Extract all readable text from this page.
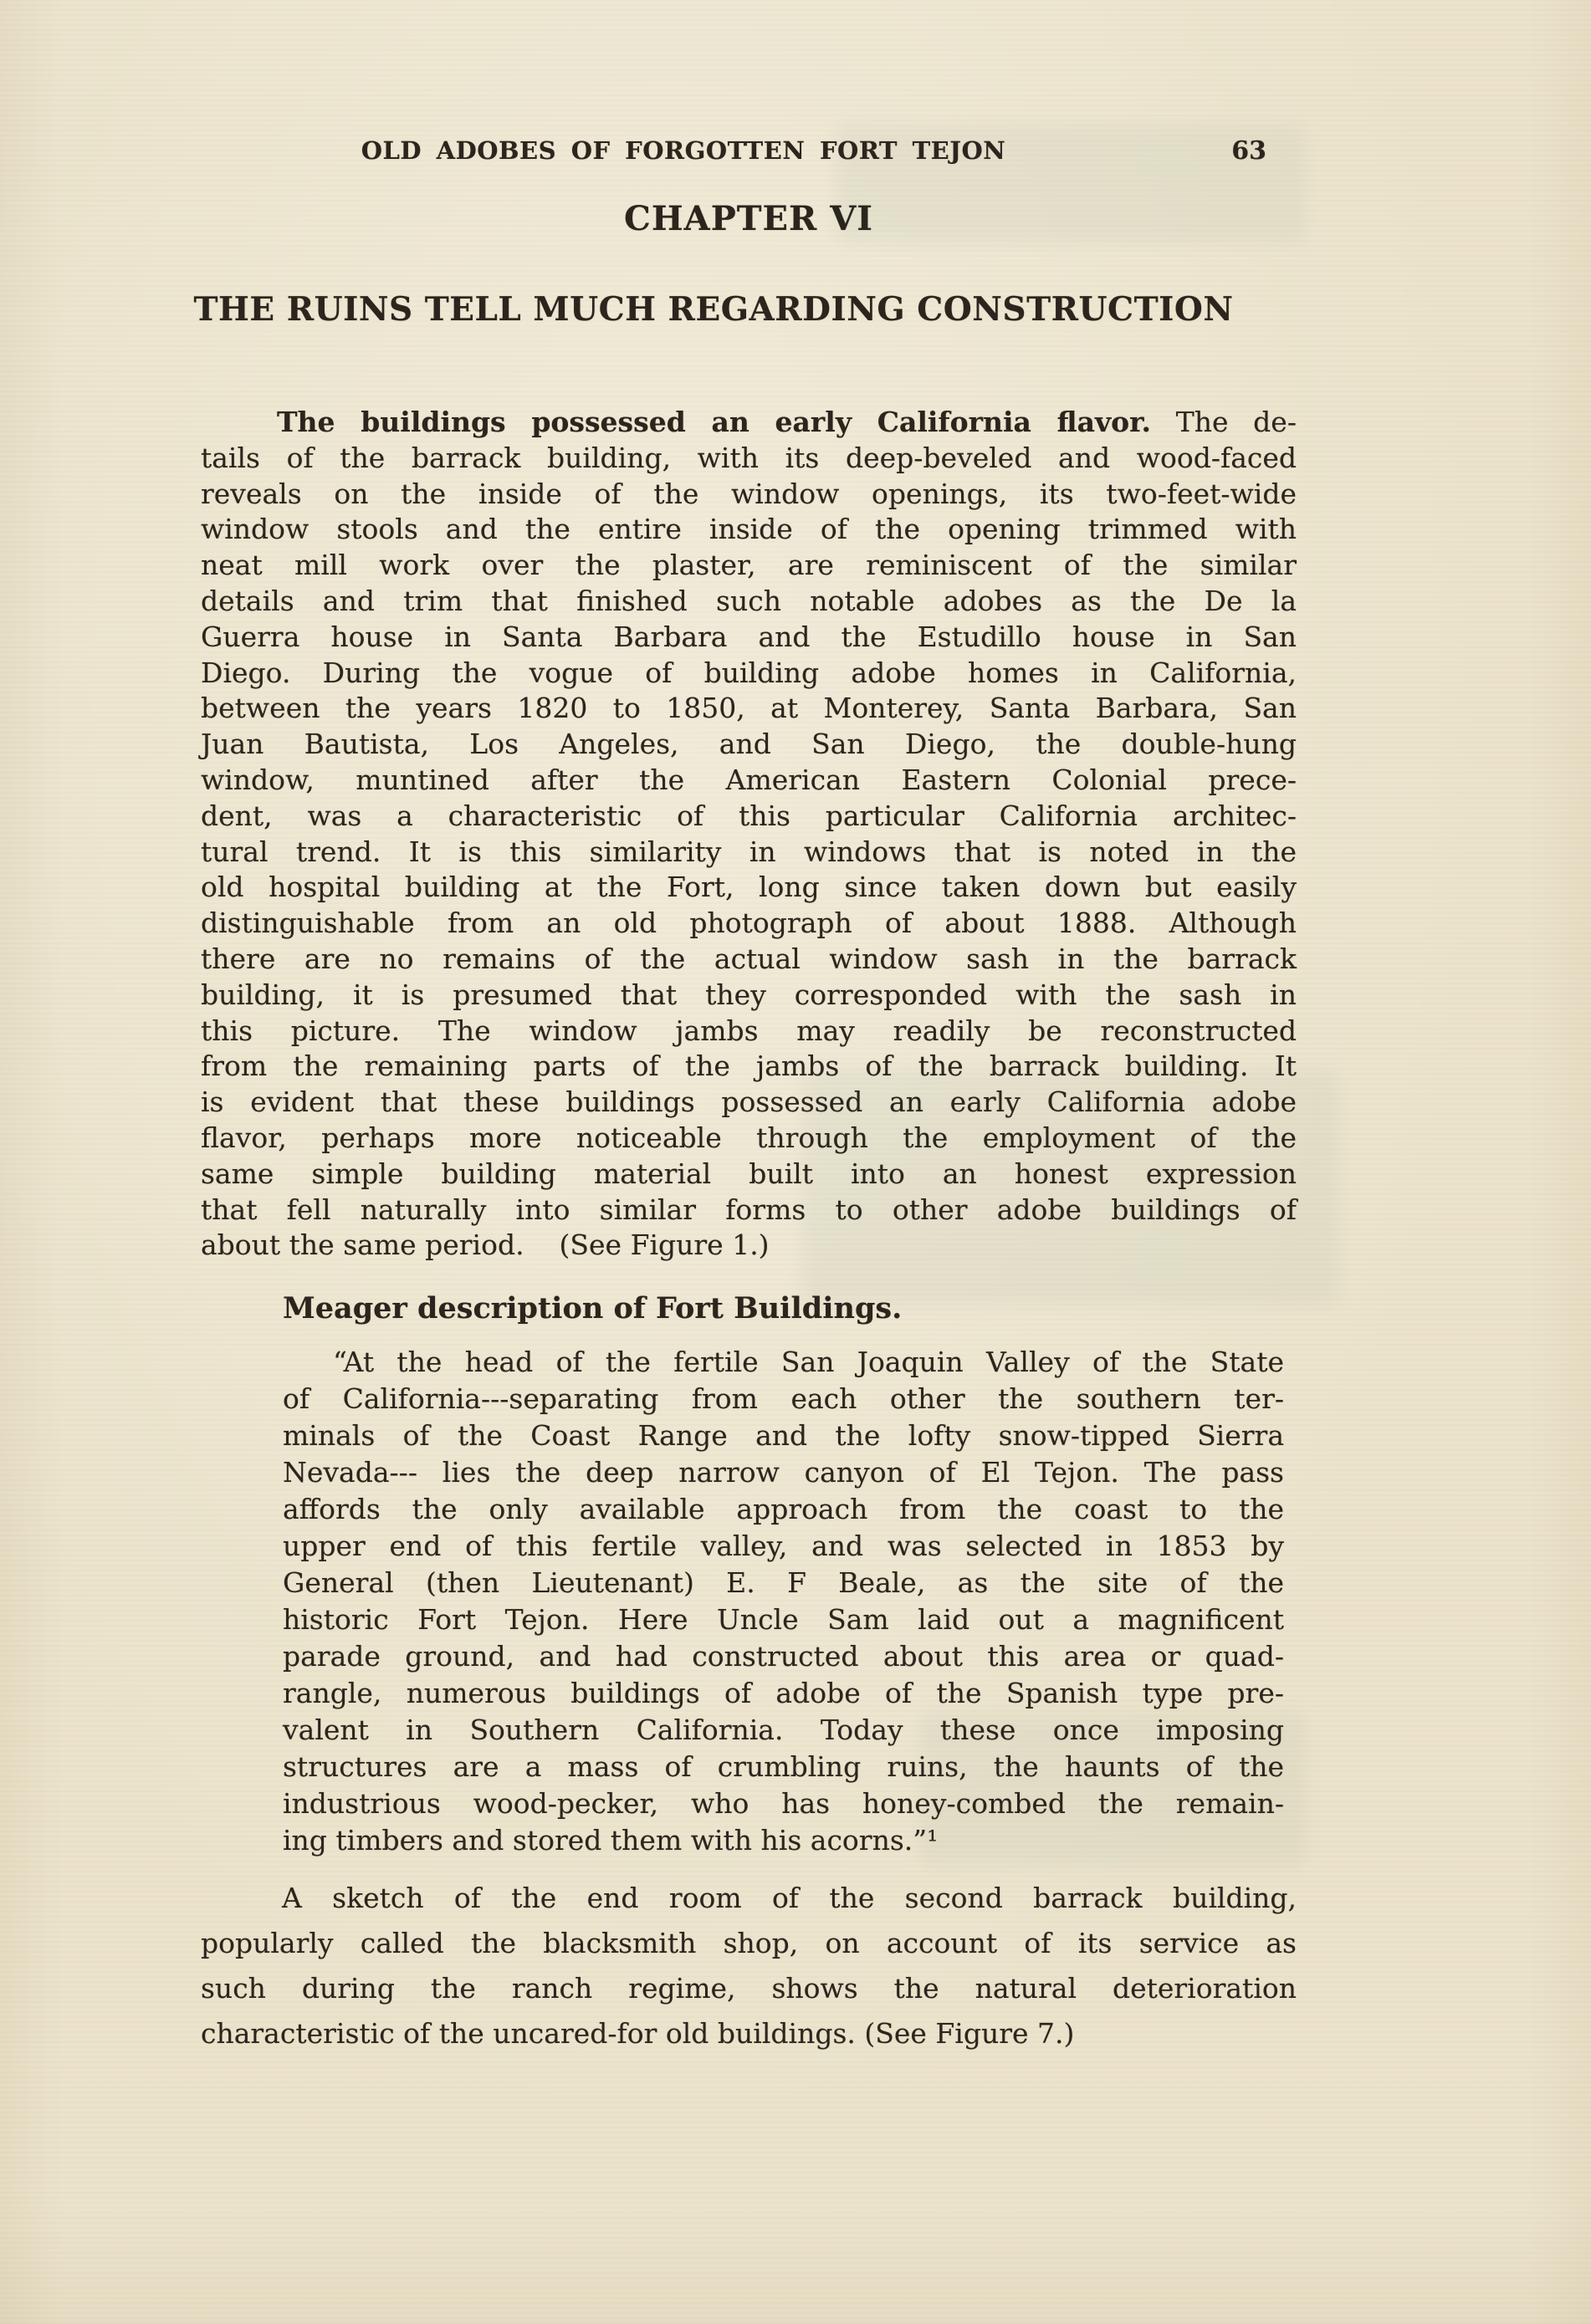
OLD ADOBES OF FORGOTTEN FORT TEJON	63
CHAPTER VI
THE RUINS TELL MUCH REGARDING CONSTRUCTION
The buildings possessed an early California flavor. The de-
tails of the barrack building, with its deep-beveled and wood-faced
reveals on the inside of the window openings, its two-feet-wide
window stools and the entire inside of the opening trimmed with
neat mill work over the plaster, are reminiscent of the similar
details and trim that finished such notable adobes as the De la
Guerra house in Santa Barbara and the Estudillo house in San
Diego. During the vogue of building adobe homes in California,
between the years 1820 to 1850, at Monterey, Santa Barbara, San
Juan Bautista, Los Angeles, and San Diego, the double-hung
window, muntined after the American Eastern Colonial prece-
dent, was a characteristic of this particular California architec-
tural trend. It is this similarity in windows that is noted in the
old hospital building at the Fort, long since taken down but easily
distinguishable from an old photograph of about 1888. Although
there are no remains of the actual window sash in the barrack
building, it is presumed that they corresponded with the sash in
this picture. The window jambs may readily be reconstructed
from the remaining parts of the jambs of the barrack building. It
is evident that these buildings possessed an early California adobe
flavor, perhaps more noticeable through the employment of the
same simple building material built into an honest expression
that fell naturally into similar forms to other adobe buildings of
about the same period.    (See Figure 1.)
Meager description of Fort Buildings.
“At the head of the fertile San Joaquin Valley of the State
of California---separating from each other the southern ter-
minals of the Coast Range and the lofty snow-tipped Sierra
Nevada--- lies the deep narrow canyon of El Tejon. The pass
affords the only available approach from the coast to the
upper end of this fertile valley, and was selected in 1853 by
General (then Lieutenant) E. F Beale, as the site of the
historic Fort Tejon. Here Uncle Sam laid out a magnificent
parade ground, and had constructed about this area or quad-
rangle, numerous buildings of adobe of the Spanish type pre-
valent in Southern California. Today these once imposing
structures are a mass of crumbling ruins, the haunts of the
industrious wood-pecker, who has honey-combed the remain-
ing timbers and stored them with his acorns.”¹
A sketch of the end room of the second barrack building,
popularly called the blacksmith shop, on account of its service as
such during the ranch regime, shows the natural deterioration
characteristic of the uncared-for old buildings. (See Figure 7.)
